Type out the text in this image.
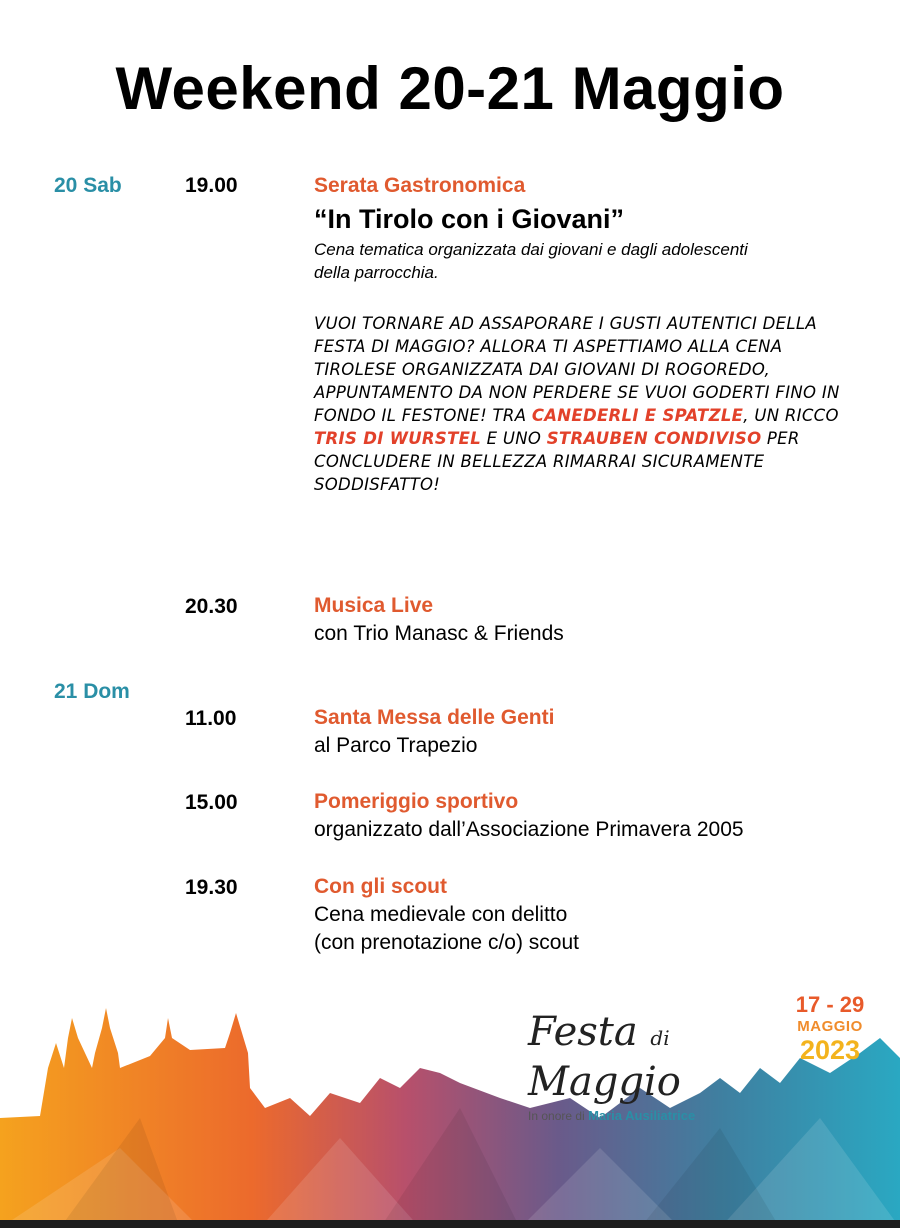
Weekend 20-21 Maggio
20 Sab	19.00	Serata Gastronomica
“In Tirolo con i Giovani”
Cena tematica organizzata dai giovani e dagli adolescenti della parrocchia.
VUOI TORNARE AD ASSAPORARE I GUSTI AUTENTICI DELLA FESTA DI MAGGIO? ALLORA TI ASPETTIAMO ALLA CENA TIROLESE ORGANIZZATA DAI GIOVANI DI ROGOREDO, APPUNTAMENTO DA NON PERDERE SE VUOI GODERTI FINO IN FONDO IL FESTONE! TRA CANEDERLI E SPATZLE, UN RICCO TRIS DI WURSTEL E UNO STRAUBEN CONDIVISO PER CONCLUDERE IN BELLEZZA RIMARRAI SICURAMENTE SODDISFATTO!
20.30	Musica Live
con Trio Manasc & Friends
21 Dom
11.00	Santa Messa delle Genti
al Parco Trapezio
15.00	Pomeriggio sportivo
organizzato dall’Associazione Primavera 2005
19.30	Con gli scout
Cena medievale con delitto
(con prenotazione c/o) scout
Festa di Maggio
In onore di Maria Ausiliatrice
17 - 29
MAGGIO
2023
